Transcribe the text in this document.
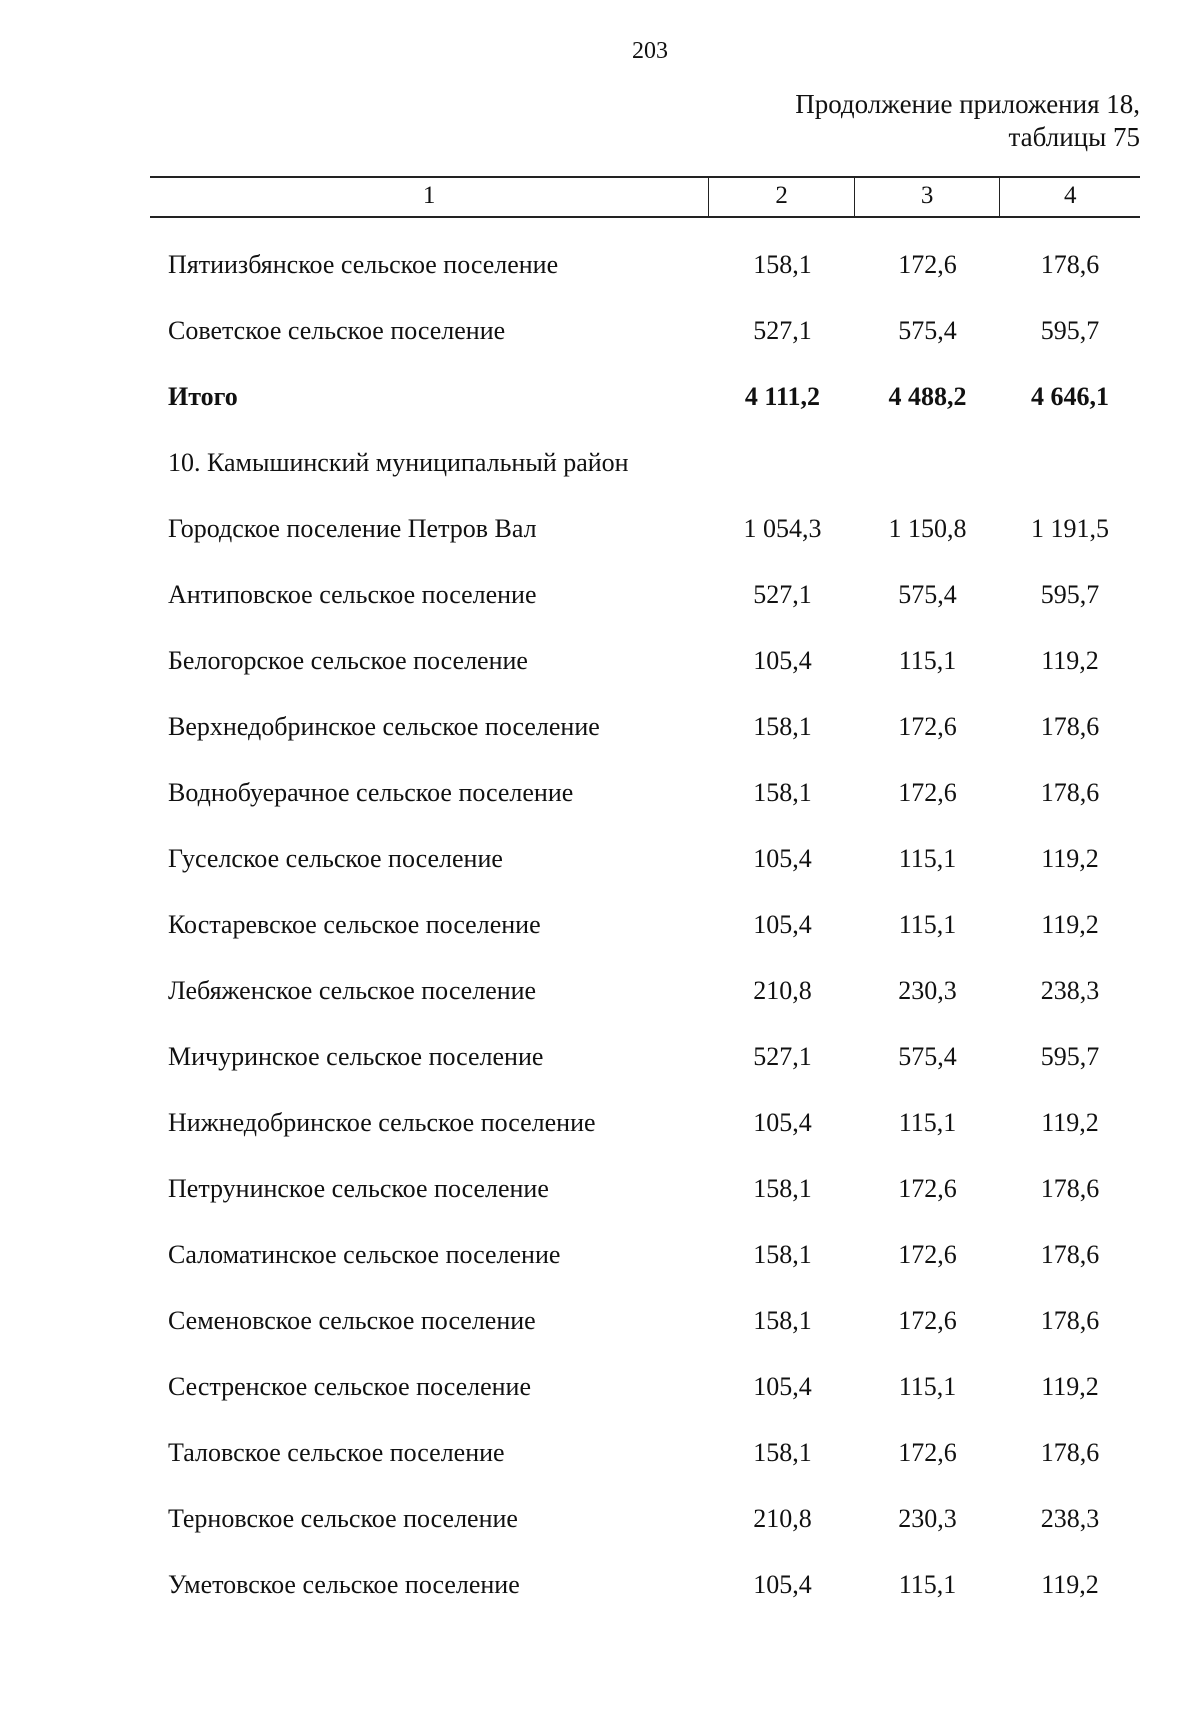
203
Продолжение приложения 18,
таблицы 75
1	2	3	4
Пятиизбянское сельское поселение	158,1	172,6	178,6
Советское сельское поселение	527,1	575,4	595,7
Итого	4 111,2	4 488,2	4 646,1
10. Камышинский муниципальный район
Городское поселение Петров Вал	1 054,3	1 150,8	1 191,5
Антиповское сельское поселение	527,1	575,4	595,7
Белогорское сельское поселение	105,4	115,1	119,2
Верхнедобринское сельское поселение	158,1	172,6	178,6
Воднобуерачное сельское поселение	158,1	172,6	178,6
Гуселское сельское поселение	105,4	115,1	119,2
Костаревское сельское поселение	105,4	115,1	119,2
Лебяженское сельское поселение	210,8	230,3	238,3
Мичуринское сельское поселение	527,1	575,4	595,7
Нижнедобринское сельское поселение	105,4	115,1	119,2
Петрунинское сельское поселение	158,1	172,6	178,6
Саломатинское сельское поселение	158,1	172,6	178,6
Семеновское сельское поселение	158,1	172,6	178,6
Сестренское сельское поселение	105,4	115,1	119,2
Таловское сельское поселение	158,1	172,6	178,6
Терновское сельское поселение	210,8	230,3	238,3
Уметовское сельское поселение	105,4	115,1	119,2
